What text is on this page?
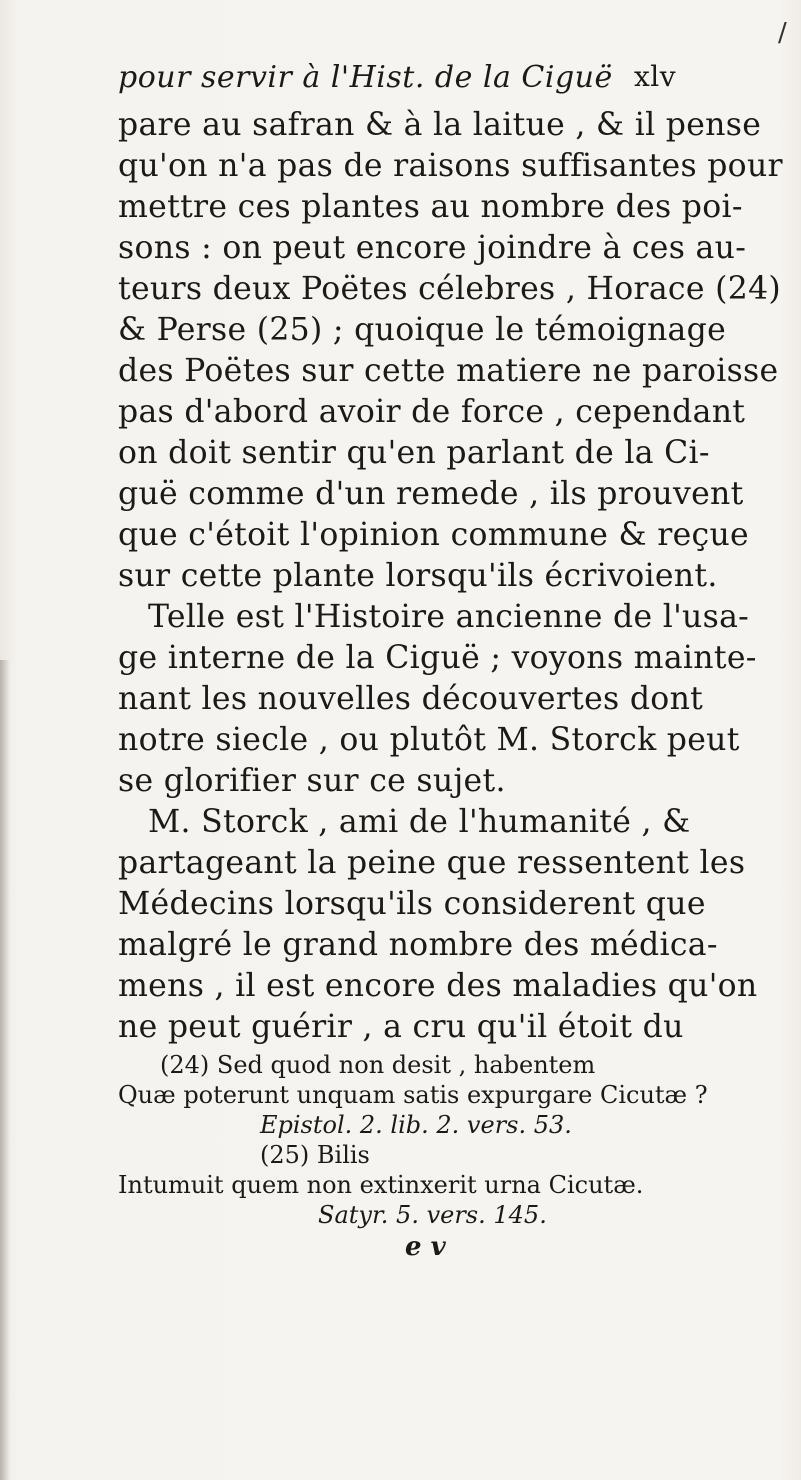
/
pour servir à l'Hist. de la Ciguë xlv
pare au safran & à la laitue , & il pense
qu'on n'a pas de raisons suffisantes pour
mettre ces plantes au nombre des poi-
sons : on peut encore joindre à ces au-
teurs deux Poëtes célebres , Horace (24)
& Perse (25) ; quoique le témoignage
des Poëtes sur cette matiere ne paroisse
pas d'abord avoir de force , cependant
on doit sentir qu'en parlant de la Ci-
guë comme d'un remede , ils prouvent
que c'étoit l'opinion commune & reçue
sur cette plante lorsqu'ils écrivoient.
Telle est l'Histoire ancienne de l'usa-
ge interne de la Ciguë ; voyons mainte-
nant les nouvelles découvertes dont
notre siecle , ou plutôt M. Storck peut
se glorifier sur ce sujet.
M. Storck , ami de l'humanité , &
partageant la peine que ressentent les
Médecins lorsqu'ils considerent que
malgré le grand nombre des médica-
mens , il est encore des maladies qu'on
ne peut guérir , a cru qu'il étoit du
(24) Sed quod non desit , habentem
Quæ poterunt unquam satis expurgare Cicutæ ?
Epistol. 2. lib. 2. vers. 53.
(25) Bilis
Intumuit quem non extinxerit urna Cicutæ.
Satyr. 5. vers. 145.
e v
